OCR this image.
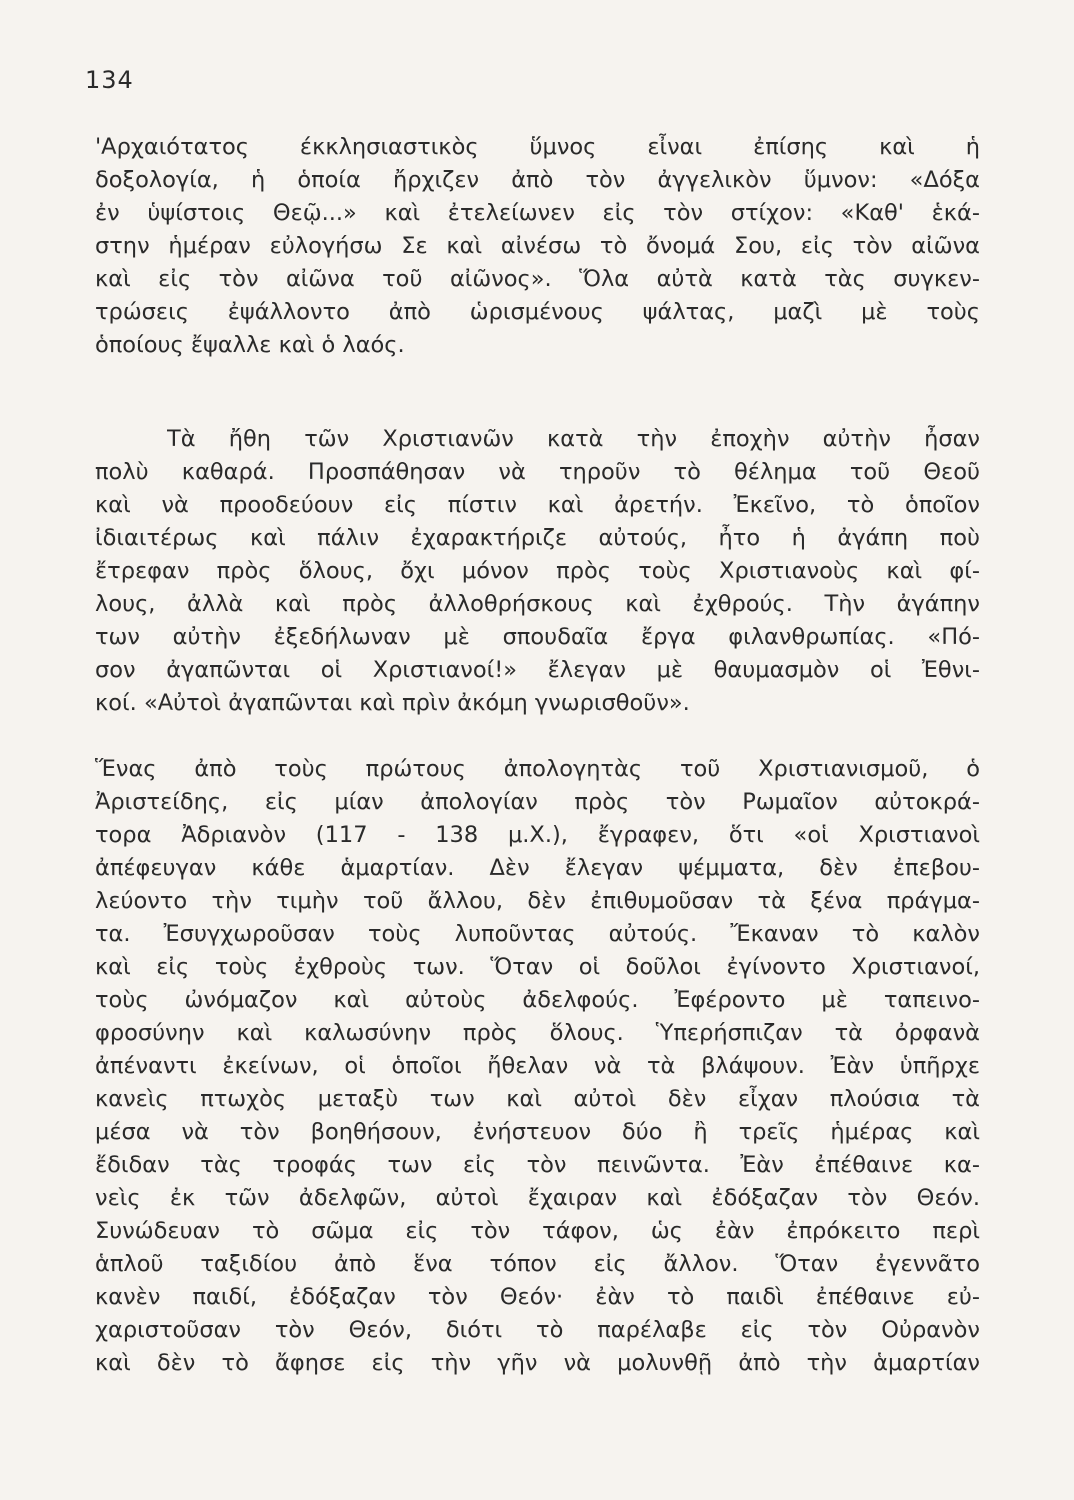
134
'Αρχαιότατος έκκλησιαστικὸς ὕμνος εἶναι ἐπίσης καὶ ἡ
δοξολογία, ἡ ὁποία ἤρχιζεν ἀπὸ τὸν ἀγγελικὸν ὕμνον: «Δόξα
ἐν ὑψίστοις Θεῷ...» καὶ ἐτελείωνεν εἰς τὸν στίχον: «Καθ' ἑκά-
στην ἡμέραν εὐλογήσω Σε καὶ αἰνέσω τὸ ὄνομά Σου, εἰς τὸν αἰῶνα
καὶ εἰς τὸν αἰῶνα τοῦ αἰῶνος». Ὅλα αὐτὰ κατὰ τὰς συγκεν-
τρώσεις ἐψάλλοντο ἀπὸ ὡρισμένους ψάλτας, μαζὶ μὲ τοὺς
ὁποίους ἔψαλλε καὶ ὁ λαός.
Τὰ ἤθη τῶν Χριστιανῶν κατὰ τὴν ἐποχὴν αὐτὴν ἦσαν
πολὺ καθαρά. Προσπάθησαν νὰ τηροῦν τὸ θέλημα τοῦ Θεοῦ
καὶ νὰ προοδεύουν εἰς πίστιν καὶ ἀρετήν. Ἐκεῖνο, τὸ ὁποῖον
ἰδιαιτέρως καὶ πάλιν ἐχαρακτήριζε αὐτούς, ἦτο ἡ ἀγάπη ποὺ
ἔτρεφαν πρὸς ὅλους, ὄχι μόνον πρὸς τοὺς Χριστιανοὺς καὶ φί-
λους, ἀλλὰ καὶ πρὸς ἀλλοθρήσκους καὶ ἐχθρούς. Τὴν ἀγάπην
των αὐτὴν ἐξεδήλωναν μὲ σπουδαῖα ἔργα φιλανθρωπίας. «Πό-
σον ἀγαπῶνται οἱ Χριστιανοί!» ἔλεγαν μὲ θαυμασμὸν οἱ Ἐθνι-
κοί. «Αὐτοὶ ἀγαπῶνται καὶ πρὶν ἀκόμη γνωρισθοῦν».
Ἕνας ἀπὸ τοὺς πρώτους ἀπολογητὰς τοῦ Χριστιανισμοῦ, ὁ
Ἀριστείδης, εἰς μίαν ἀπολογίαν πρὸς τὸν Ρωμαῖον αὐτοκρά-
τορα Ἀδριανὸν (117 - 138 μ.Χ.), ἔγραφεν, ὅτι «οἱ Χριστιανοὶ
ἀπέφευγαν κάθε ἁμαρτίαν. Δὲν ἔλεγαν ψέμματα, δὲν ἐπεβου-
λεύοντο τὴν τιμὴν τοῦ ἄλλου, δὲν ἐπιθυμοῦσαν τὰ ξένα πράγμα-
τα. Ἐσυγχωροῦσαν τοὺς λυποῦντας αὐτούς. Ἔκαναν τὸ καλὸν
καὶ εἰς τοὺς ἐχθροὺς των. Ὅταν οἱ δοῦλοι ἐγίνοντο Χριστιανοί,
τοὺς ὠνόμαζον καὶ αὐτοὺς ἀδελφούς. Ἐφέροντο μὲ ταπεινο-
φροσύνην καὶ καλωσύνην πρὸς ὅλους. Ὑπερήσπιζαν τὰ ὀρφανὰ
ἀπέναντι ἐκείνων, οἱ ὁποῖοι ἤθελαν νὰ τὰ βλάψουν. Ἐὰν ὑπῆρχε
κανεὶς πτωχὸς μεταξὺ των καὶ αὐτοὶ δὲν εἶχαν πλούσια τὰ
μέσα νὰ τὸν βοηθήσουν, ἐνήστευον δύο ἢ τρεῖς ἡμέρας καὶ
ἔδιδαν τὰς τροφάς των εἰς τὸν πεινῶντα. Ἐὰν ἐπέθαινε κα-
νεὶς ἐκ τῶν ἀδελφῶν, αὐτοὶ ἔχαιραν καὶ ἐδόξαζαν τὸν Θεόν.
Συνώδευαν τὸ σῶμα εἰς τὸν τάφον, ὡς ἐὰν ἐπρόκειτο περὶ
ἁπλοῦ ταξιδίου ἀπὸ ἕνα τόπον εἰς ἄλλον. Ὅταν ἐγεννᾶτο
κανὲν παιδί, ἐδόξαζαν τὸν Θεόν· ἐὰν τὸ παιδὶ ἐπέθαινε εὐ-
χαριστοῦσαν τὸν Θεόν, διότι τὸ παρέλαβε εἰς τὸν Οὐρανὸν
καὶ δὲν τὸ ἄφησε εἰς τὴν γῆν νὰ μολυνθῇ ἀπὸ τὴν ἁμαρτίαν
